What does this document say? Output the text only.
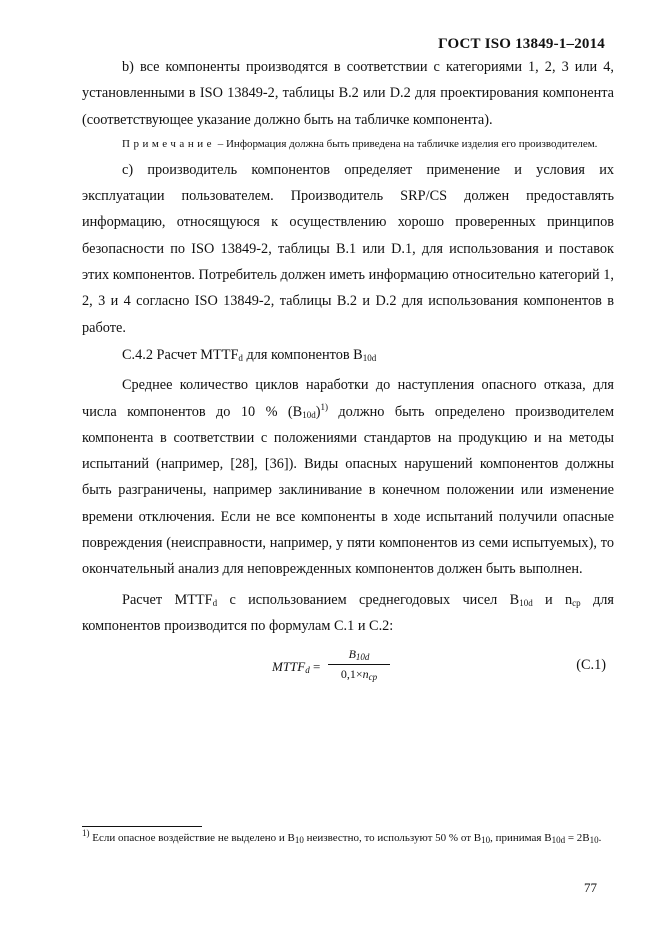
ГОСТ ISO 13849-1–2014

b) все компоненты производятся в соответствии с категориями 1, 2, 3 или 4, установленными в ISO 13849-2, таблицы В.2 или D.2 для проектирования компонента (соответствующее указание должно быть на табличке компонента).

Примечание – Информация должна быть приведена на табличке изделия его производителем.

с) производитель компонентов определяет применение и условия их эксплуатации пользователем. Производитель SRP/CS должен предоставлять информацию, относящуюся к осуществлению хорошо проверенных принципов безопасности по ISO 13849-2, таблицы В.1 или D.1, для использования и поставок этих компонентов. Потребитель должен иметь информацию относительно категорий 1, 2, 3 и 4 согласно ISO 13849-2, таблицы В.2 и D.2 для использования компонентов в работе.

С.4.2 Расчет $MTTF_d$ для компонентов $B_{10d}$

Среднее количество циклов наработки до наступления опасного отказа, для числа компонентов до 10 % $(B_{10d})^{1)}$ должно быть определено производителем компонента в соответствии с положениями стандартов на продукцию и на методы испытаний (например, [28], [36]). Виды опасных нарушений компонентов должны быть разграничены, например заклинивание в конечном положении или изменение времени отключения. Если не все компоненты в ходе испытаний получили опасные повреждения (неисправности, например, у пяти компонентов из семи испытуемых), то окончательный анализ для неповрежденных компонентов должен быть выполнен.

Расчет $MTTF_d$ с использованием среднегодовых чисел $B_{10d}$ и $n_{cp}$ для компонентов производится по формулам С.1 и С.2:

$MTTF_d$ =
$B_{10d}$
$0,1\times n_{cp}$
(С.1)
$^{1)}$ Если опасное воздействие не выделено и $B_{10}$ неизвестно, то используют 50 % от $B_{10}$, принимая $B_{10d} = 2B_{10}$.
77
